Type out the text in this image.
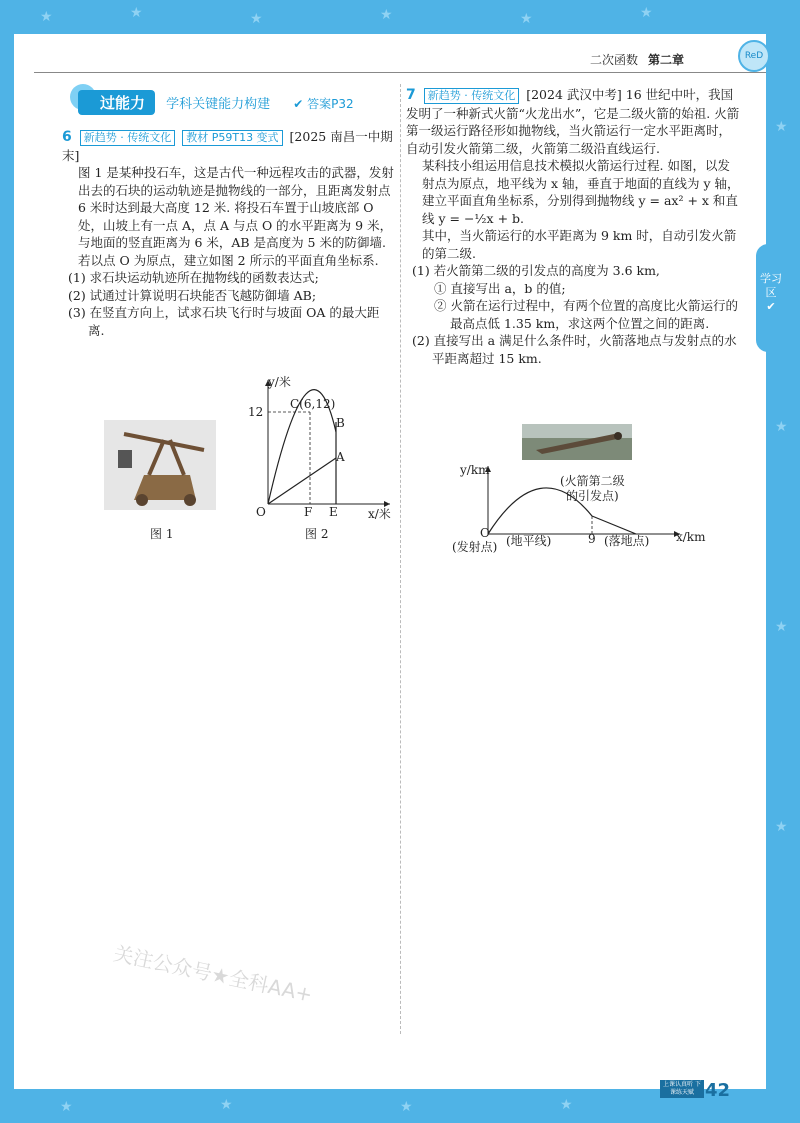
★	★	★	★	★	★
★
★
★
★
★	★	★	★
二次函数 第二章	ReD
学习区
✔
过能力 学科关键能力构建 ✔ 答案P32
6 新趋势 · 传统文化 教材 P59T13 变式 [2025 南昌一中期末]
图 1 是某种投石车，这是古代一种远程攻击的武器，发射出去的石块的运动轨迹是抛物线的一部分，且距离发射点 6 米时达到最大高度 12 米. 将投石车置于山坡底部 O 处，山坡上有一点 A，点 A 与点 O 的水平距离为 9 米，与地面的竖直距离为 6 米，AB 是高度为 5 米的防御墙. 若以点 O 为原点，建立如图 2 所示的平面直角坐标系.
(1) 求石块运动轨迹所在抛物线的函数表达式;
(2) 试通过计算说明石块能否飞越防御墙 AB;
(3) 在竖直方向上，试求石块飞行时与坡面 OA 的最大距离.
图 1
y/米
x/米
12
C(6,12)
B
A
O	F E
图 2
7 新趋势 · 传统文化 [2024 武汉中考] 16 世纪中叶，我国发明了一种新式火箭“火龙出水”，它是二级火箭的始祖. 火箭第一级运行路径形如抛物线，当火箭运行一定水平距离时，自动引发火箭第二级，火箭第二级沿直线运行.
某科技小组运用信息技术模拟火箭运行过程. 如图，以发射点为原点，地平线为 x 轴，垂直于地面的直线为 y 轴，建立平面直角坐标系，分别得到抛物线 y = ax² + x 和直线 y = −½x + b.
其中，当火箭运行的水平距离为 9 km 时，自动引发火箭的第二级.
(1) 若火箭第二级的引发点的高度为 3.6 km,
① 直接写出 a，b 的值;
② 火箭在运行过程中，有两个位置的高度比火箭运行的最高点低 1.35 km，求这两个位置之间的距离.
(2) 直接写出 a 满足什么条件时，火箭落地点与发射点的水平距离超过 15 km.
y/km
x/km
(火箭第二级
的引发点)
O
(发射点) (地平线)	9 (落地点)
关注公众号★全科AA+
上课认真听 下课练天赋 42
